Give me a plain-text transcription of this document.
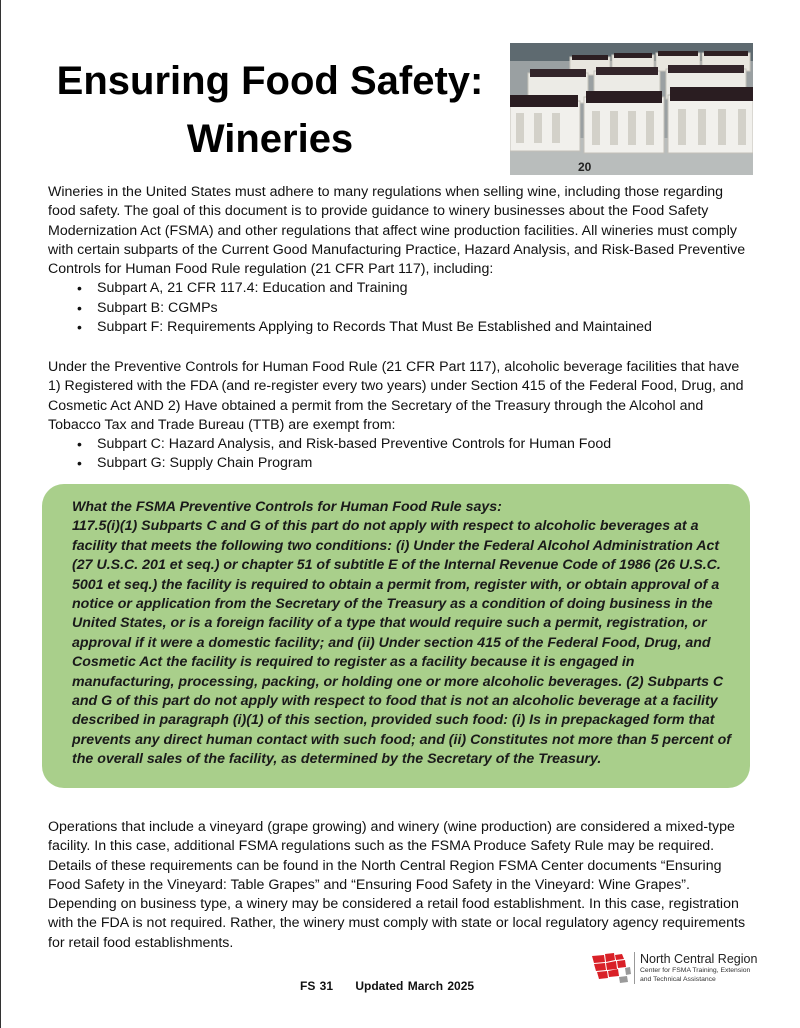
Ensuring Food Safety:
Wineries
20
Wineries in the United States must adhere to many regulations when selling wine, including those regarding food safety. The goal of this document is to provide guidance to winery businesses about the Food Safety Modernization Act (FSMA) and other regulations that affect wine production facilities. All wineries must comply with certain subparts of the Current Good Manufacturing Practice, Hazard Analysis, and Risk-Based Preventive Controls for Human Food Rule regulation (21 CFR Part 117), including:
• Subpart A, 21 CFR 117.4: Education and Training
• Subpart B: CGMPs
• Subpart F: Requirements Applying to Records That Must Be Established and Maintained
Under the Preventive Controls for Human Food Rule (21 CFR Part 117), alcoholic beverage facilities that have 1) Registered with the FDA (and re-register every two years) under Section 415 of the Federal Food, Drug, and Cosmetic Act AND 2) Have obtained a permit from the Secretary of the Treasury through the Alcohol and Tobacco Tax and Trade Bureau (TTB) are exempt from:
• Subpart C: Hazard Analysis, and Risk-based Preventive Controls for Human Food
• Subpart G: Supply Chain Program
What the FSMA Preventive Controls for Human Food Rule says:
117.5(i)(1) Subparts C and G of this part do not apply with respect to alcoholic beverages at a facility that meets the following two conditions: (i) Under the Federal Alcohol Administration Act (27 U.S.C. 201 et seq.) or chapter 51 of subtitle E of the Internal Revenue Code of 1986 (26 U.S.C. 5001 et seq.) the facility is required to obtain a permit from, register with, or obtain approval of a notice or application from the Secretary of the Treasury as a condition of doing business in the United States, or is a foreign facility of a type that would require such a permit, registration, or approval if it were a domestic facility; and (ii) Under section 415 of the Federal Food, Drug, and Cosmetic Act the facility is required to register as a facility because it is engaged in manufacturing, processing, packing, or holding one or more alcoholic beverages. (2) Subparts C and G of this part do not apply with respect to food that is not an alcoholic beverage at a facility described in paragraph (i)(1) of this section, provided such food: (i) Is in prepackaged form that prevents any direct human contact with such food; and (ii) Constitutes not more than 5 percent of the overall sales of the facility, as determined by the Secretary of the Treasury.
Operations that include a vineyard (grape growing) and winery (wine production) are considered a mixed-type facility. In this case, additional FSMA regulations such as the FSMA Produce Safety Rule may be required. Details of these requirements can be found in the North Central Region FSMA Center documents “Ensuring Food Safety in the Vineyard: Table Grapes” and “Ensuring Food Safety in the Vineyard: Wine Grapes”. Depending on business type, a winery may be considered a retail food establishment. In this case, registration with the FDA is not required. Rather, the winery must comply with state or local regulatory agency requirements for retail food establishments.
North Central Region
Center for FSMA Training, Extension and Technical Assistance
FS 31 Updated March 2025
